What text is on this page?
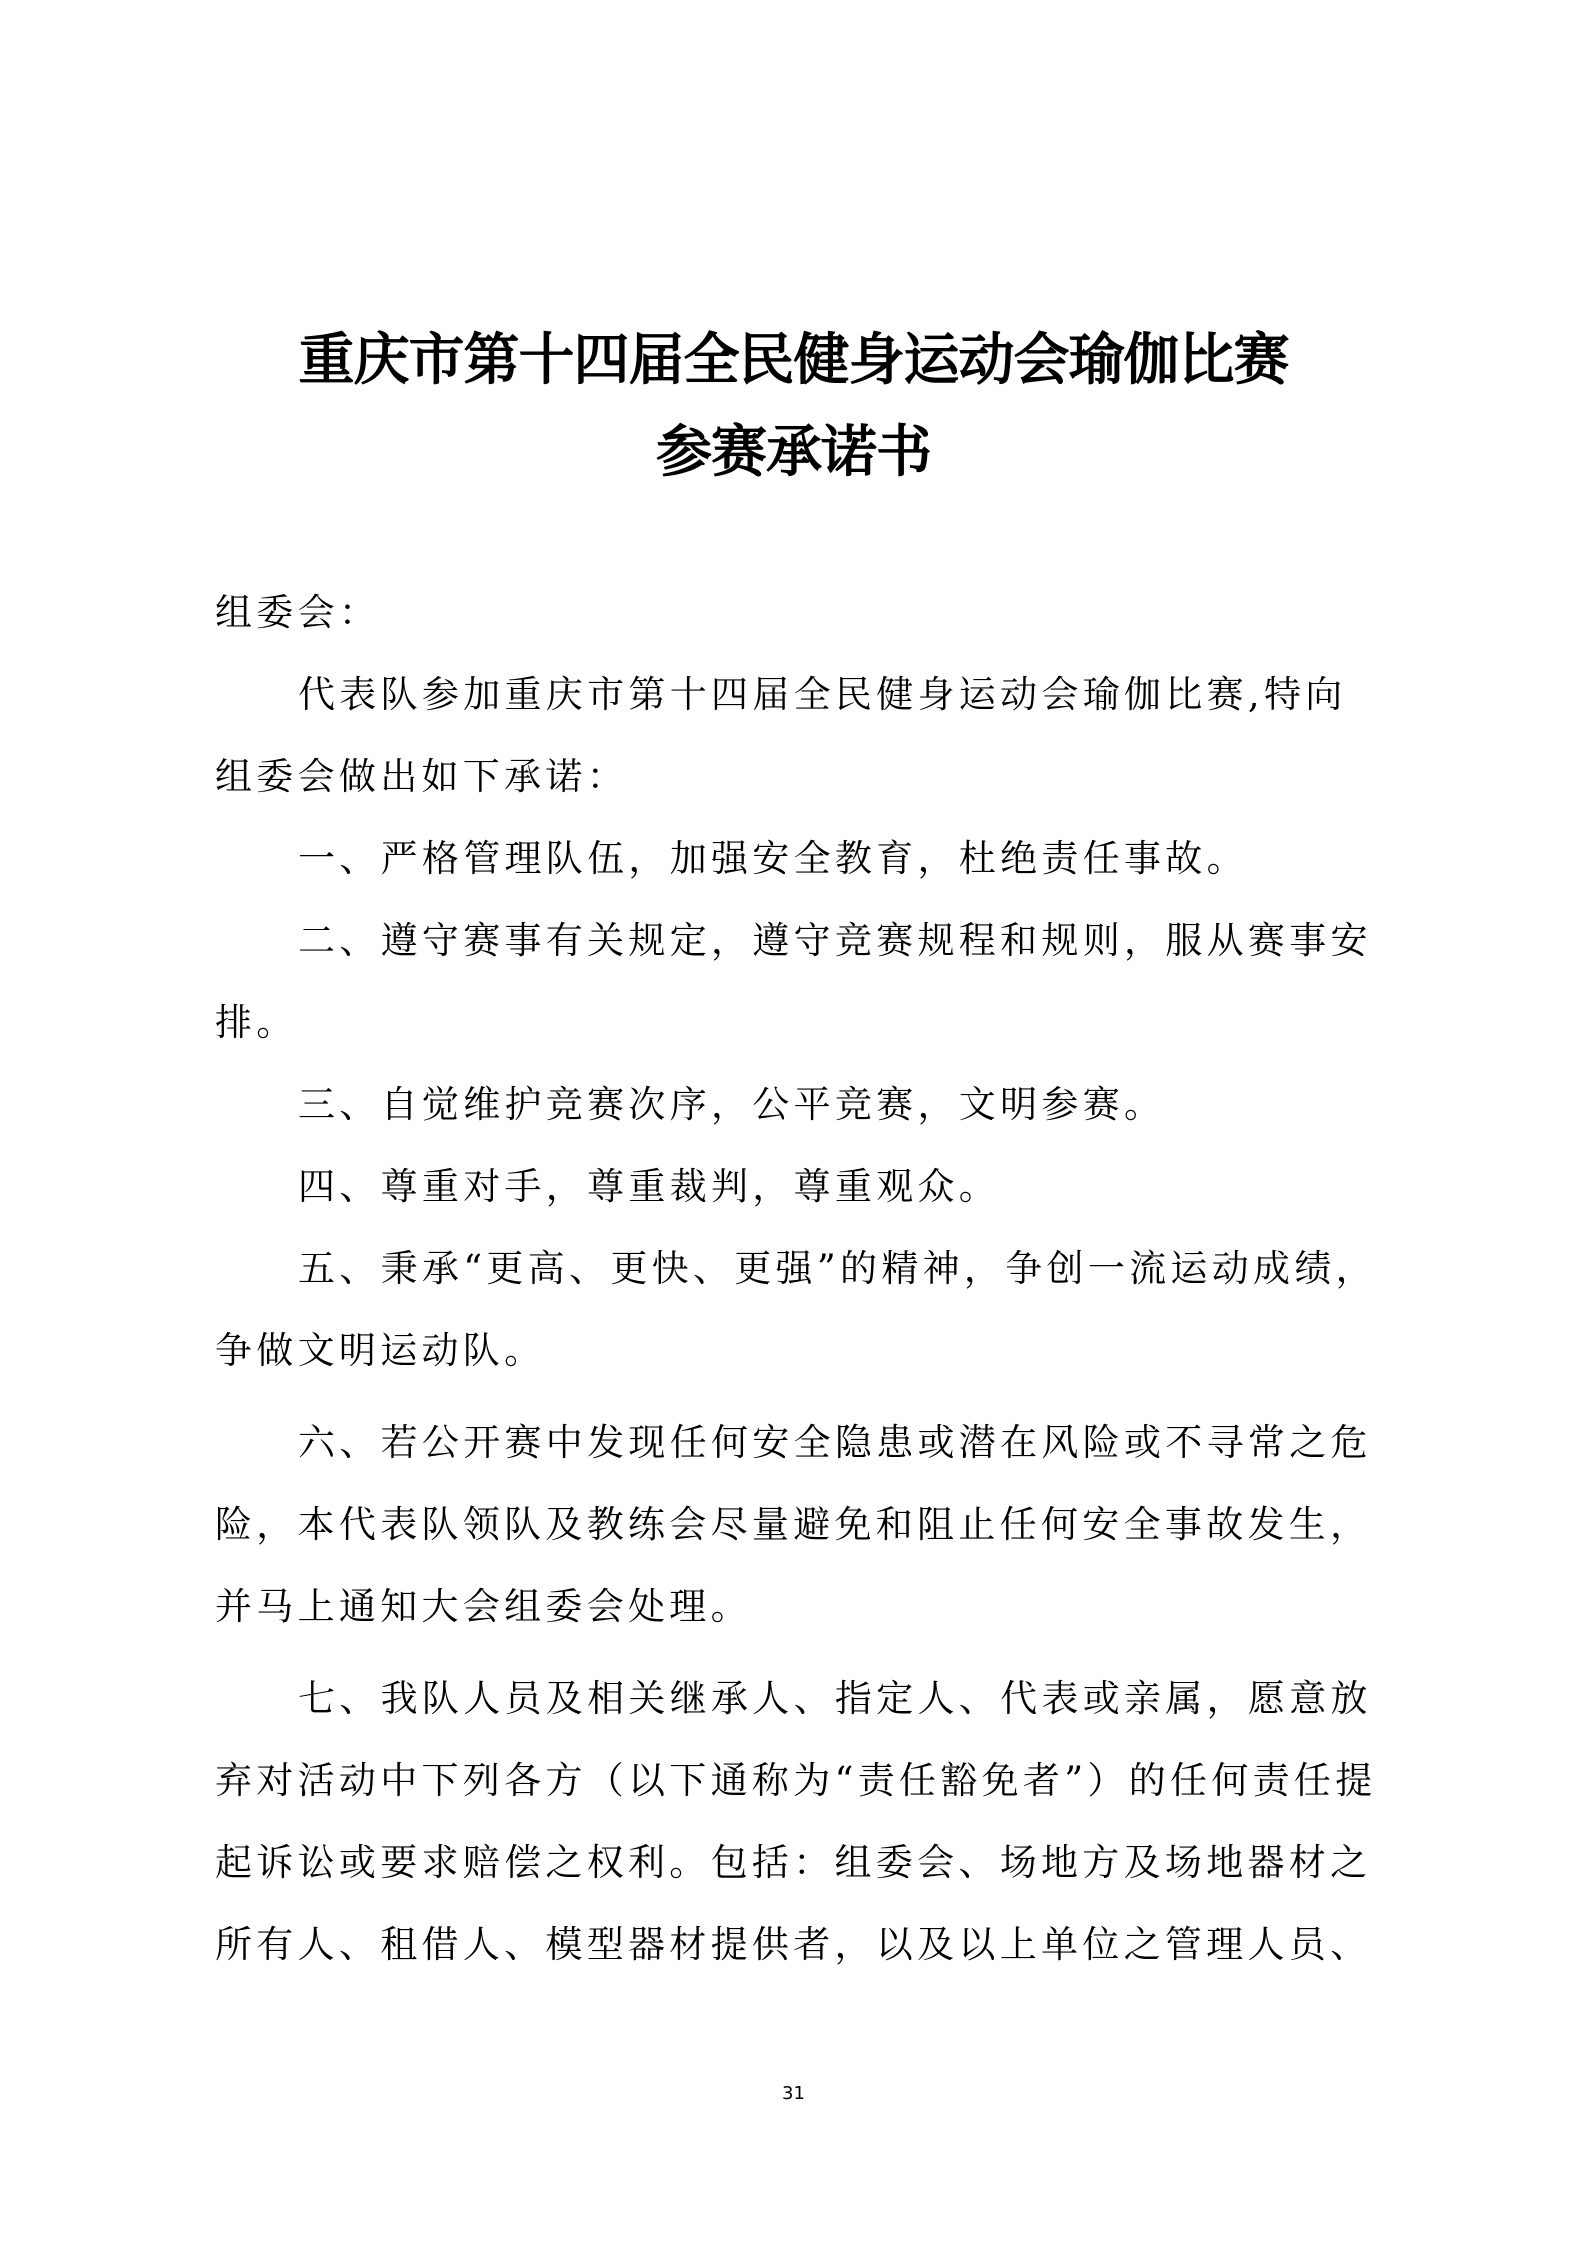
重庆市第十四届全民健身运动会瑜伽比赛
参赛承诺书
组委会：
代表队参加重庆市第十四届全民健身运动会瑜伽比赛,特向
组委会做出如下承诺：
一、严格管理队伍，加强安全教育，杜绝责任事故。
二、遵守赛事有关规定，遵守竞赛规程和规则，服从赛事安
排。
三、自觉维护竞赛次序，公平竞赛，文明参赛。
四、尊重对手，尊重裁判，尊重观众。
五、秉承“更高、更快、更强”的精神，争创一流运动成绩，
争做文明运动队。
六、若公开赛中发现任何安全隐患或潜在风险或不寻常之危
险，本代表队领队及教练会尽量避免和阻止任何安全事故发生，
并马上通知大会组委会处理。
七、我队人员及相关继承人、指定人、代表或亲属，愿意放
弃对活动中下列各方（以下通称为“责任豁免者”）的任何责任提
起诉讼或要求赔偿之权利。包括：组委会、场地方及场地器材之
所有人、租借人、模型器材提供者，以及以上单位之管理人员、
31
